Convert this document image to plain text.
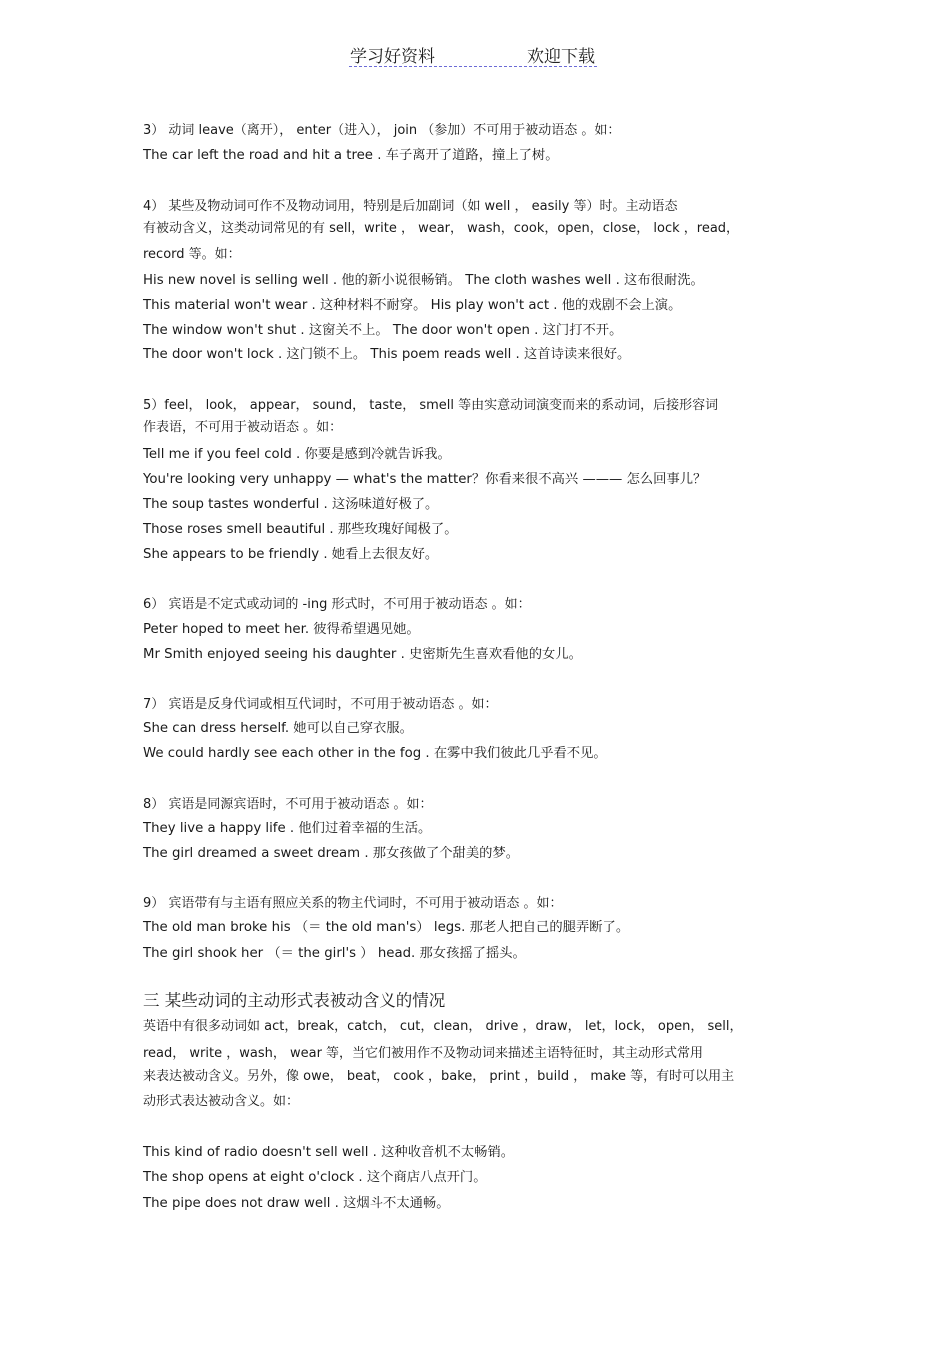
学习好资料	欢迎下载
3） 动词 leave（离开）， enter（进入）， join （参加）不可用于被动语态 。如：
The car left the road and hit a tree . 车子离开了道路，撞上了树。
4） 某些及物动词可作不及物动词用，特别是后加副词（如 well ， easily 等）时。主动语态
有被动含义，这类动词常见的有 sell，write ， wear， wash，cook，open，close， lock ，read，
record 等。如：
His new novel is selling well . 他的新小说很畅销。 The cloth washes well . 这布很耐洗。
This material won't wear . 这种材料不耐穿。 His play won't act . 他的戏剧不会上演。
The window won't shut . 这窗关不上。 The door won't open . 这门打不开。
The door won't lock . 这门锁不上。 This poem reads well . 这首诗读来很好。
5）feel， look， appear， sound， taste， smell 等由实意动词演变而来的系动词，后接形容词
作表语，不可用于被动语态 。如：
Tell me if you feel cold . 你要是感到冷就告诉我。
You're looking very unhappy — what's the matter？你看来很不高兴 ——— 怎么回事儿？
The soup tastes wonderful . 这汤味道好极了。
Those roses smell beautiful . 那些玫瑰好闻极了。
She appears to be friendly . 她看上去很友好。
6） 宾语是不定式或动词的 -ing 形式时，不可用于被动语态 。如：
Peter hoped to meet her. 彼得希望遇见她。
Mr Smith enjoyed seeing his daughter . 史密斯先生喜欢看他的女儿。
7） 宾语是反身代词或相互代词时，不可用于被动语态 。如：
She can dress herself. 她可以自己穿衣服。
We could hardly see each other in the fog . 在雾中我们彼此几乎看不见。
8） 宾语是同源宾语时，不可用于被动语态 。如：
They live a happy life . 他们过着幸福的生活。
The girl dreamed a sweet dream . 那女孩做了个甜美的梦。
9） 宾语带有与主语有照应关系的物主代词时，不可用于被动语态 。如：
The old man broke his （＝ the old man's） legs. 那老人把自己的腿弄断了。
The girl shook her （＝ the girl's ） head. 那女孩摇了摇头。
三 某些动词的主动形式表被动含义的情况
英语中有很多动词如 act，break，catch， cut，clean， drive ，draw， let，lock， open， sell，
read， write ，wash， wear 等，当它们被用作不及物动词来描述主语特征时，其主动形式常用
来表达被动含义。另外，像 owe， beat， cook ，bake， print ，build ， make 等，有时可以用主
动形式表达被动含义。如：
This kind of radio doesn't sell well . 这种收音机不太畅销。
The shop opens at eight o'clock . 这个商店八点开门。
The pipe does not draw well . 这烟斗不太通畅。
